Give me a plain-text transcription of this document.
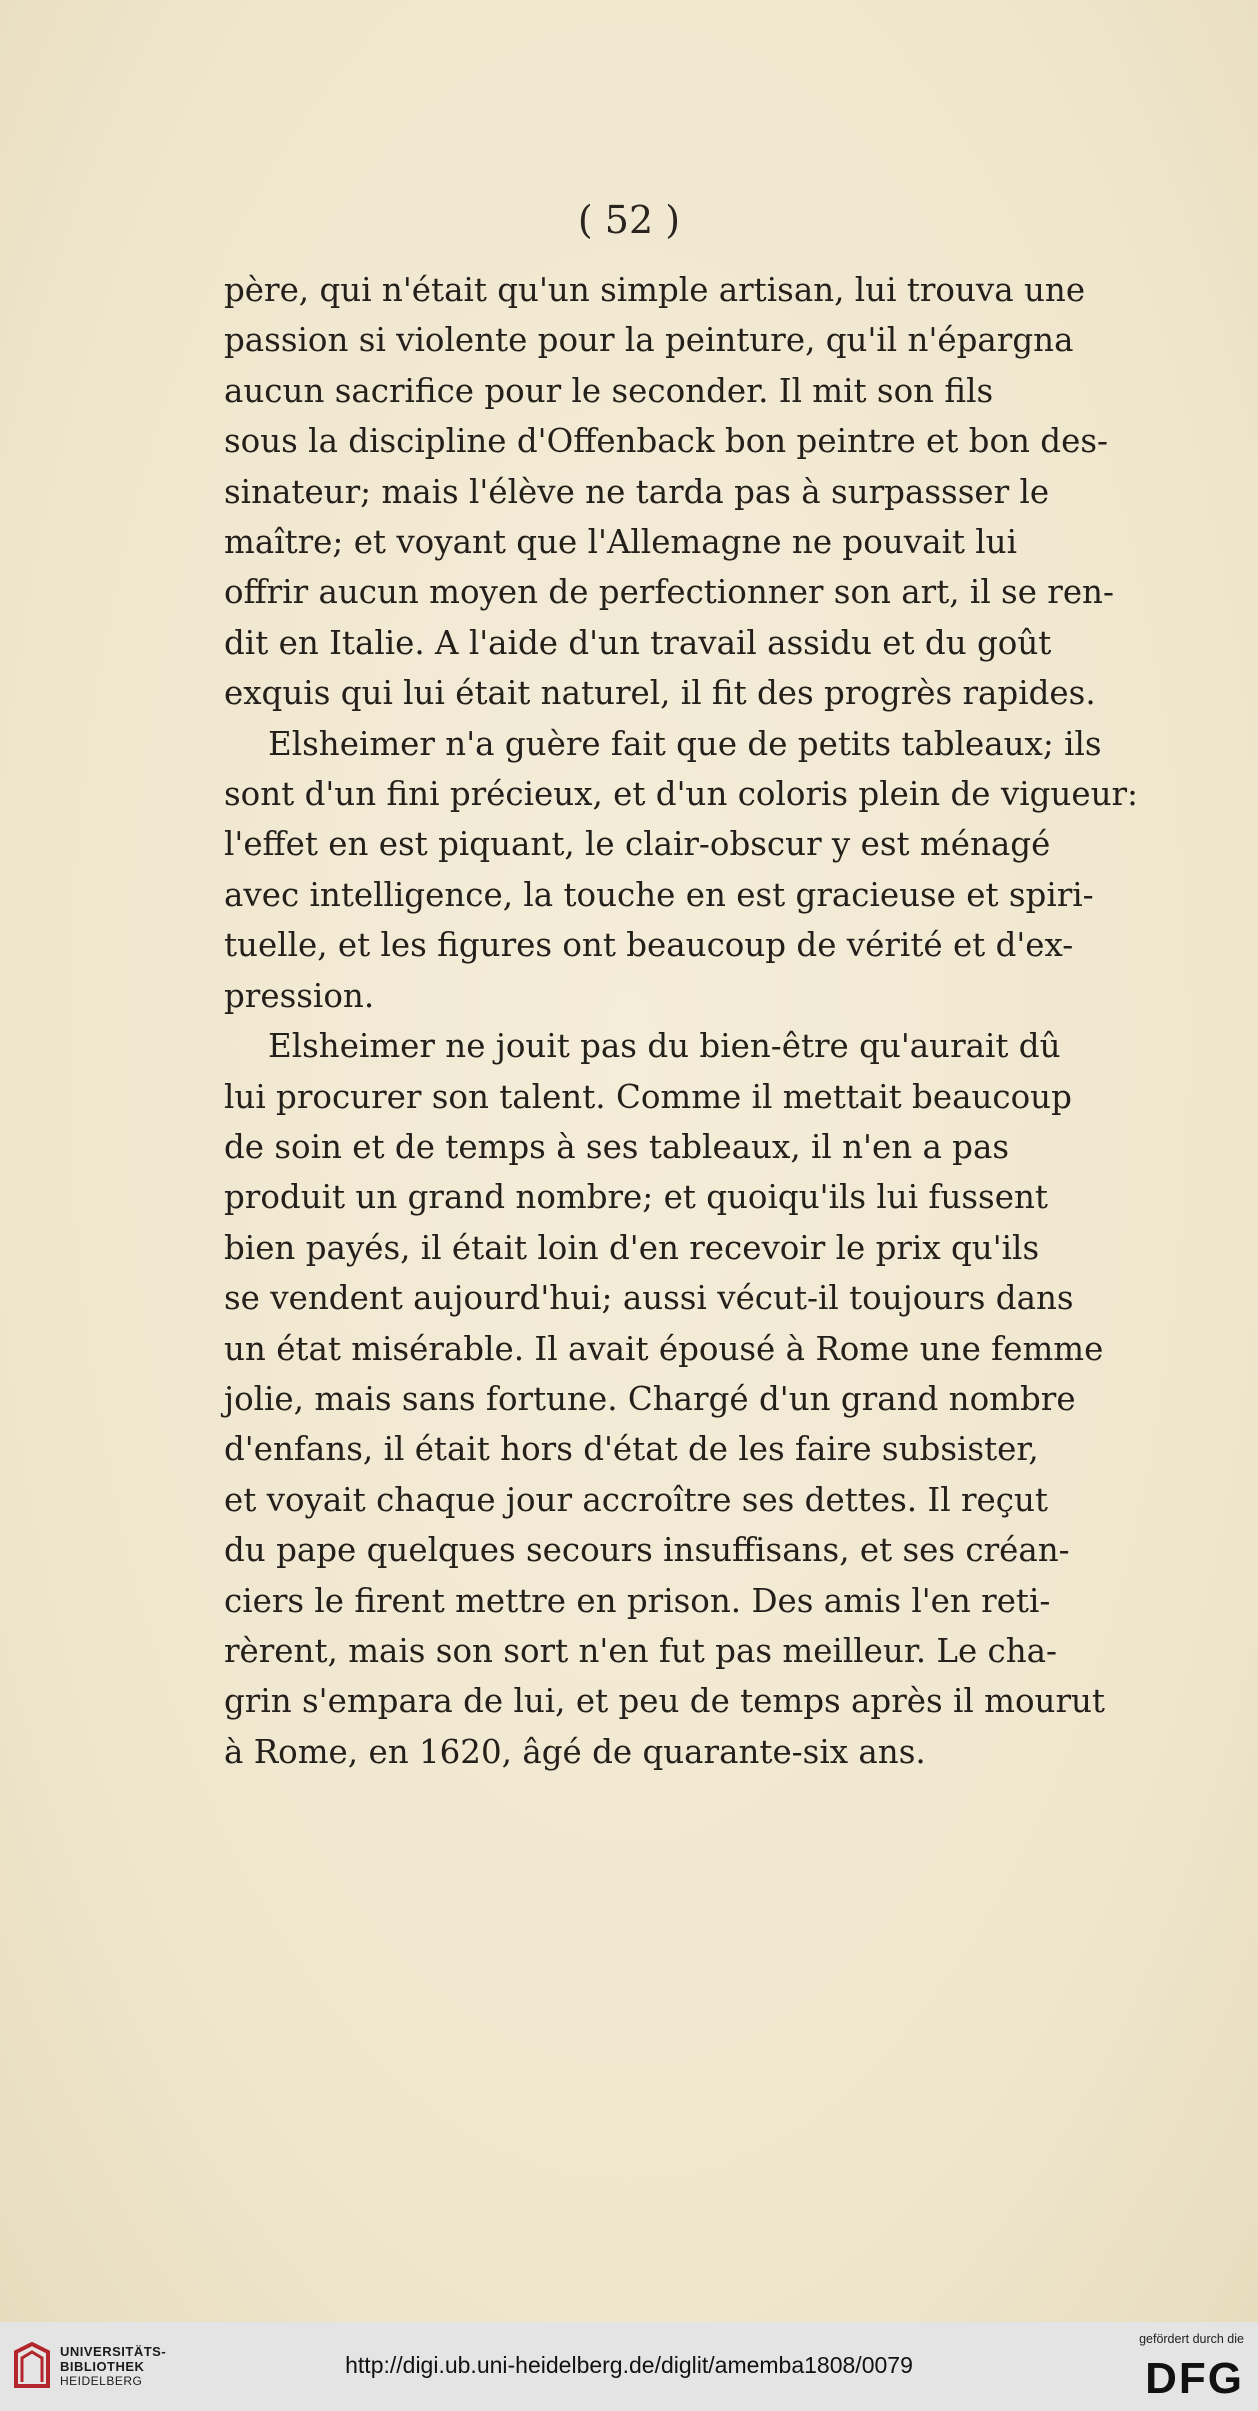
( 52 )

père, qui n'était qu'un simple artisan, lui trouva une
passion si violente pour la peinture, qu'il n'épargna
aucun sacrifice pour le seconder. Il mit son fils
sous la discipline d'Offenback bon peintre et bon des-
sinateur; mais l'élève ne tarda pas à surpassser le
maître; et voyant que l'Allemagne ne pouvait lui
offrir aucun moyen de perfectionner son art, il se ren-
dit en Italie. A l'aide d'un travail assidu et du goût
exquis qui lui était naturel, il fit des progrès rapides.

Elsheimer n'a guère fait que de petits tableaux; ils
sont d'un fini précieux, et d'un coloris plein de vigueur:
l'effet en est piquant, le clair-obscur y est ménagé
avec intelligence, la touche en est gracieuse et spiri-
tuelle, et les figures ont beaucoup de vérité et d'ex-
pression.

Elsheimer ne jouit pas du bien-être qu'aurait dû
lui procurer son talent. Comme il mettait beaucoup
de soin et de temps à ses tableaux, il n'en a pas
produit un grand nombre; et quoiqu'ils lui fussent
bien payés, il était loin d'en recevoir le prix qu'ils
se vendent aujourd'hui; aussi vécut-il toujours dans
un état misérable. Il avait épousé à Rome une femme
jolie, mais sans fortune. Chargé d'un grand nombre
d'enfans, il était hors d'état de les faire subsister,
et voyait chaque jour accroître ses dettes. Il reçut
du pape quelques secours insuffisans, et ses créan-
ciers le firent mettre en prison. Des amis l'en reti-
rèrent, mais son sort n'en fut pas meilleur. Le cha-
grin s'empara de lui, et peu de temps après il mourut
à Rome, en 1620, âgé de quarante-six ans.

UNIVERSITÄTS-
BIBLIOTHEK
HEIDELBERG
http://digi.ub.uni-heidelberg.de/diglit/amemba1808/0079
gefördert durch die
DFG
